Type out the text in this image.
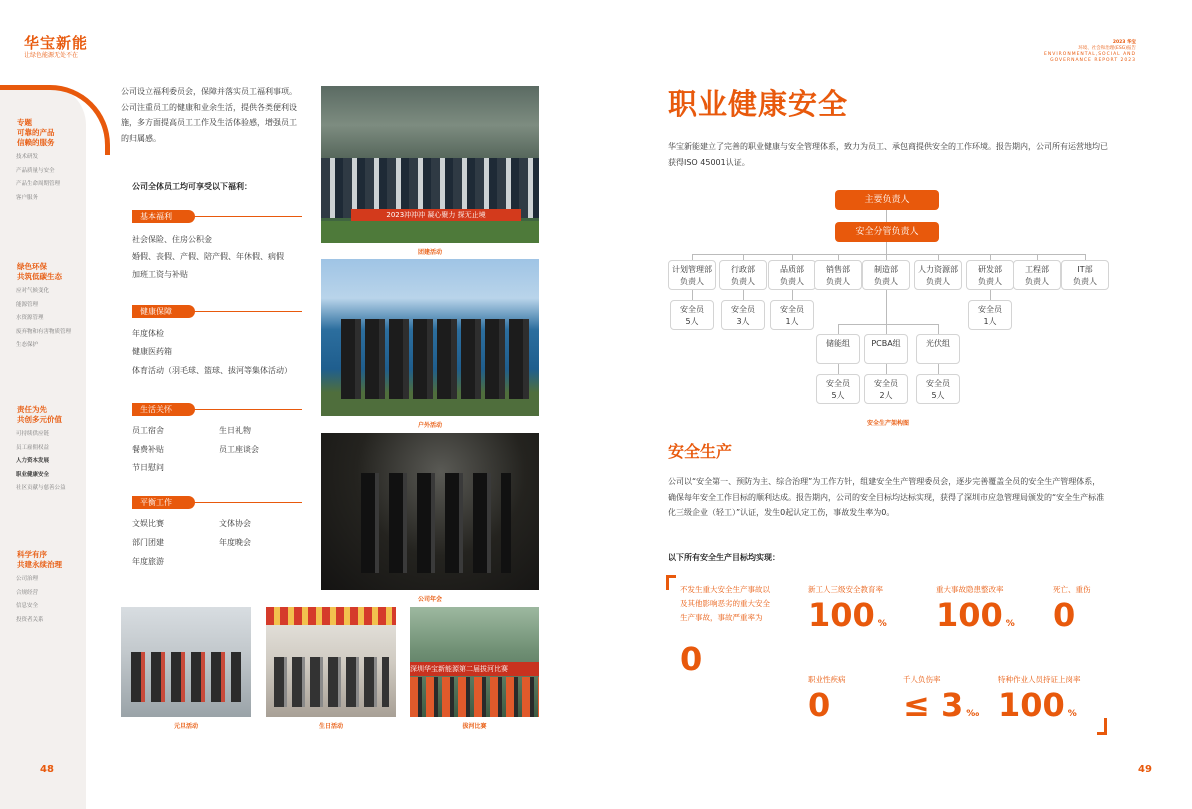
华宝新能
让绿色能源无处不在
专题
可靠的产品
信赖的服务
技术研发
产品质量与安全
产品生命周期管理
客户服务
绿色环保
共筑低碳生态
应对气候变化
能源管理
水资源管理
废弃物和有害物质管理
生态保护
责任为先
共创多元价值
可持续供应链
员工雇佣权益
人力资本发展
职业健康安全
社区贡献与慈善公益
科学有序
共建永续治理
公司治理
合规经营
信息安全
投资者关系
公司设立福利委员会，保障并落实员工福利事项。公司注重员工的健康和业余生活，提供各类便利设施，多方面提高员工工作及生活体验感，增强员工的归属感。
公司全体员工均可享受以下福利：
基本福利
社会保险、住房公积金
婚假、丧假、产假、陪产假、年休假、病假
加班工资与补贴
健康保障
年度体检
健康医药箱
体育活动（羽毛球、篮球、拔河等集体活动）
生活关怀
员工宿舍
餐费补贴
节日慰问
生日礼物
员工座谈会
平衡工作
文娱比赛
部门团建
年度旅游
文体协会
年度晚会
2023冲冲冲 凝心聚力 探无止境
团建活动
户外活动
公司年会
元旦活动	生日活动
深圳华宝新能源第二届拔河比赛
拔河比赛
48
2023 华宝
环境、社会和治理(ESG)报告
ENVIRONMENTAL,SOCIAL AND
GOVERNANCE REPORT 2023
职业健康安全
华宝新能建立了完善的职业健康与安全管理体系，致力为员工、承包商提供安全的工作环境。报告期内，公司所有运营地均已获得ISO 45001认证。
主要负责人
安全分管负责人
计划管理部
负责人
行政部
负责人
品质部
负责人
销售部
负责人
制造部
负责人
人力资源部
负责人
研发部
负责人
工程部
负责人
IT部
负责人
安全员
5人
安全员
3人
安全员
1人
安全员
1人
储能组
安全员
5人
PCBA组
安全员
2人
光伏组
安全员
5人
安全生产架构图
安全生产
公司以“安全第一、预防为主、综合治理”为工作方针，组建安全生产管理委员会，逐步完善覆盖全员的安全生产管理体系，确保每年安全工作目标的顺利达成。报告期内，公司的安全目标均达标实现，获得了深圳市应急管理局颁发的“安全生产标准化三级企业（轻工）”认证，发生0起认定工伤，事故发生率为0。
以下所有安全生产目标均实现：
不发生重大安全生产事故以及其他影响恶劣的重大安全生产事故，事故严重率为
0
新工人三级安全教育率
100 %
重大事故隐患整改率
100 %
死亡、重伤
0
职业性疾病
0
千人负伤率
≤ 3 ‰
特种作业人员持证上岗率
100 %
49
